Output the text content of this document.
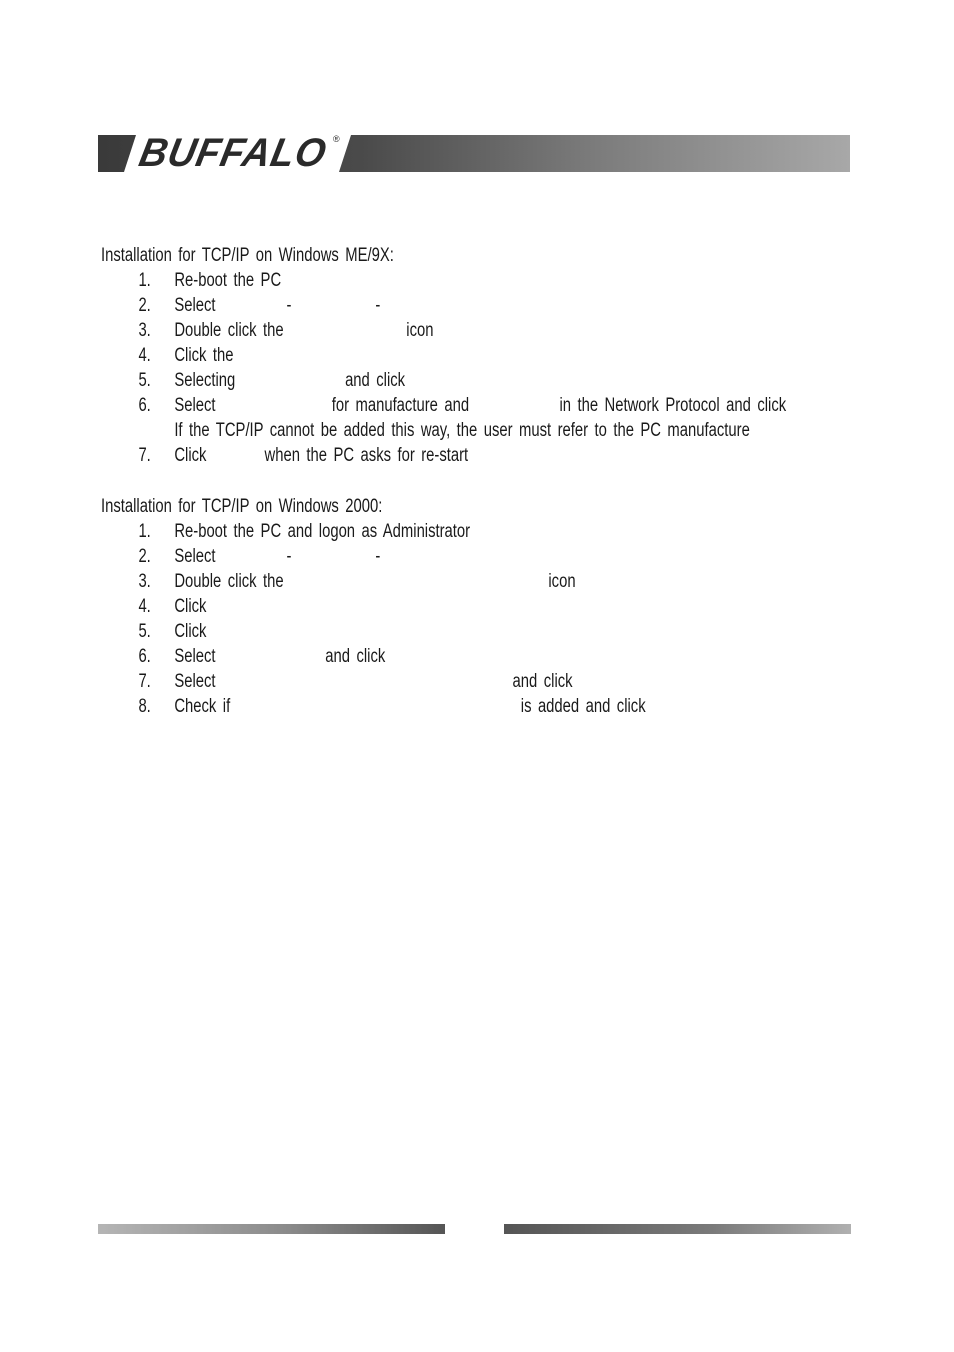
BUFFALO ®
Installation for TCP/IP on Windows ME/9X:
1. Re-boot the PC
2. Select           -             -
3. Double click the                   icon
4. Click the
5. Selecting                 and click
6. Select                  for manufacture and              in the Network Protocol and click
If the TCP/IP cannot be added this way, the user must refer to the PC manufacture
7. Click         when the PC asks for re-start
Installation for TCP/IP on Windows 2000:
1. Re-boot the PC and logon as Administrator
2. Select           -             -
3. Double click the                                         icon
4. Click
5. Click
6. Select                 and click
7. Select                                              and click
8. Check if                                             is added and click
